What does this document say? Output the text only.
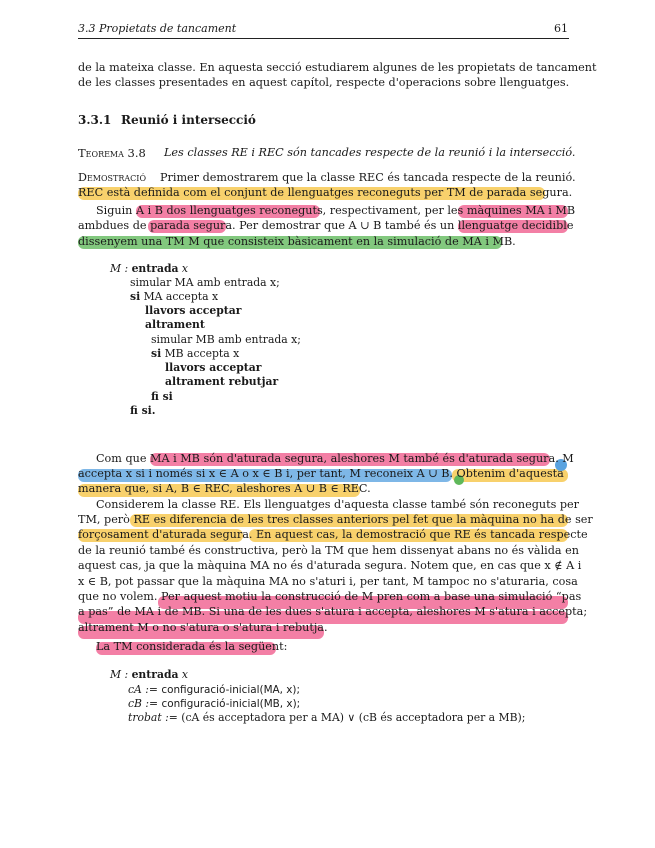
3.3 Propietats de tancament	61
de la mateixa classe. En aquesta secció estudiarem algunes de les propietats de tancament
de les classes presentades en aquest capítol, respecte d'operacions sobre llenguatges.
3.3.1 Reunió i intersecció
Teorema 3.8 Les classes RE i REC són tancades respecte de la reunió i la intersecció.
Demostració Primer demostrarem que la classe REC és tancada respecte de la reunió.
REC està definida com el conjunt de llenguatges reconeguts per TM de parada segura.
Siguin A i B dos llenguatges reconeguts, respectivament, per les màquines MA i MB
ambdues de parada segura. Per demostrar que A ∪ B també és un llenguatge decidible
dissenyem una TM M que consisteix bàsicament en la simulació de MA i MB.
M : entrada x
simular MA amb entrada x;
si MA accepta x
llavors acceptar
altrament
simular MB amb entrada x;
si MB accepta x
llavors acceptar
altrament rebutjar
fi si
fi si.
Com que MA i MB són d'aturada segura, aleshores M també és d'aturada segura. M
accepta x si i només si x ∈ A o x ∈ B i, per tant, M reconeix A ∪ B. Obtenim d'aquesta
manera que, si A, B ∈ REC, aleshores A ∪ B ∈ REC.
Considerem la classe RE. Els llenguatges d'aquesta classe també són reconeguts per
TM, però RE es diferencia de les tres classes anteriors pel fet que la màquina no ha de ser
forçosament d'aturada segura. En aquest cas, la demostració que RE és tancada respecte
de la reunió també és constructiva, però la TM que hem dissenyat abans no és vàlida en
aquest cas, ja que la màquina MA no és d'aturada segura. Notem que, en cas que x ∉ A i
x ∈ B, pot passar que la màquina MA no s'aturi i, per tant, M tampoc no s'aturaria, cosa
que no volem. Per aquest motiu la construcció de M pren com a base una simulació “pas
a pas” de MA i de MB. Si una de les dues s'atura i accepta, aleshores M s'atura i accepta;
altrament M o no s'atura o s'atura i rebutja.
La TM considerada és la següent:
M : entrada x
cA := configuració-inicial(MA, x);
cB := configuració-inicial(MB, x);
trobat := (cA és acceptadora per a MA) ∨ (cB és acceptadora per a MB);
